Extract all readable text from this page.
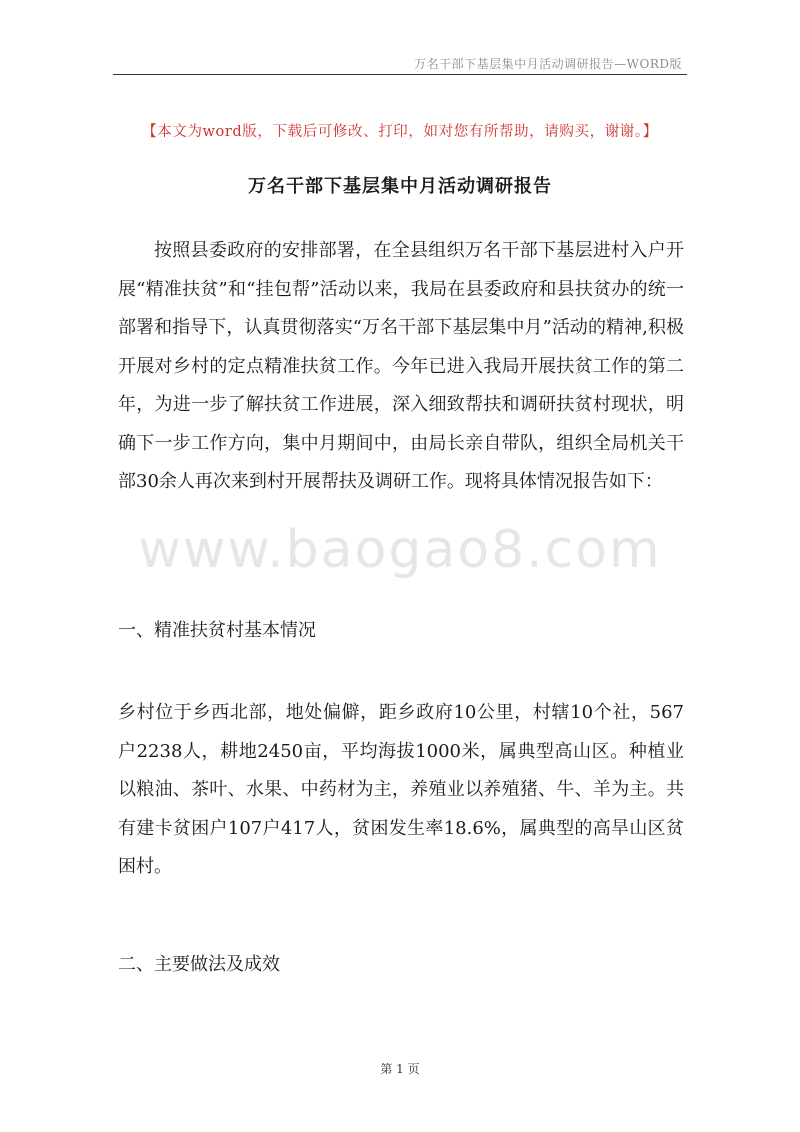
万名干部下基层集中月活动调研报告—WORD版
【本文为word版，下载后可修改、打印，如对您有所帮助，请购买，谢谢。】
万名干部下基层集中月活动调研报告

按照县委政府的安排部署，在全县组织万名干部下基层进村入户开展“精准扶贫”和“挂包帮”活动以来，我局在县委政府和县扶贫办的统一部署和指导下，认真贯彻落实“万名干部下基层集中月”活动的精神,积极开展对乡村的定点精准扶贫工作。今年已进入我局开展扶贫工作的第二年，为进一步了解扶贫工作进展，深入细致帮扶和调研扶贫村现状，明确下一步工作方向，集中月期间中，由局长亲自带队，组织全局机关干部30余人再次来到村开展帮扶及调研工作。现将具体情况报告如下：

www.baogao8.com

一、精准扶贫村基本情况

乡村位于乡西北部，地处偏僻，距乡政府10公里，村辖10个社，567户2238人，耕地2450亩，平均海拔1000米，属典型高山区。种植业以粮油、茶叶、水果、中药材为主，养殖业以养殖猪、牛、羊为主。共有建卡贫困户107户417人，贫困发生率18.6%，属典型的高旱山区贫困村。

二、主要做法及成效

第 1 页
